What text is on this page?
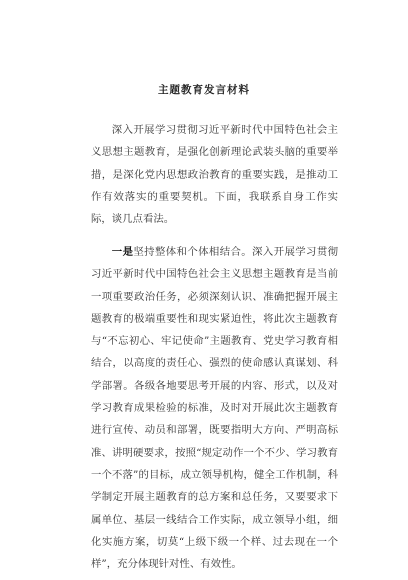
主题教育发言材料

深入开展学习贯彻习近平新时代中国特色社会主义思想主题教育，是强化创新理论武装头脑的重要举措，是深化党内思想政治教育的重要实践，是推动工作有效落实的重要契机。下面，我联系自身工作实际，谈几点看法。

一是坚持整体和个体相结合。深入开展学习贯彻习近平新时代中国特色社会主义思想主题教育是当前一项重要政治任务，必须深刻认识、准确把握开展主题教育的极端重要性和现实紧迫性，将此次主题教育与“不忘初心、牢记使命”主题教育、党史学习教育相结合，以高度的责任心、强烈的使命感认真谋划、科学部署。各级各地要思考开展的内容、形式，以及对学习教育成果检验的标准，及时对开展此次主题教育进行宣传、动员和部署，既要指明大方向、严明高标准、讲明硬要求，按照“规定动作一个不少、学习教育一个不落”的目标，成立领导机构，健全工作机制，科学制定开展主题教育的总方案和总任务，又要要求下属单位、基层一线结合工作实际，成立领导小组，细化实施方案，切莫“上级下级一个样、过去现在一个样”，充分体现针对性、有效性。
